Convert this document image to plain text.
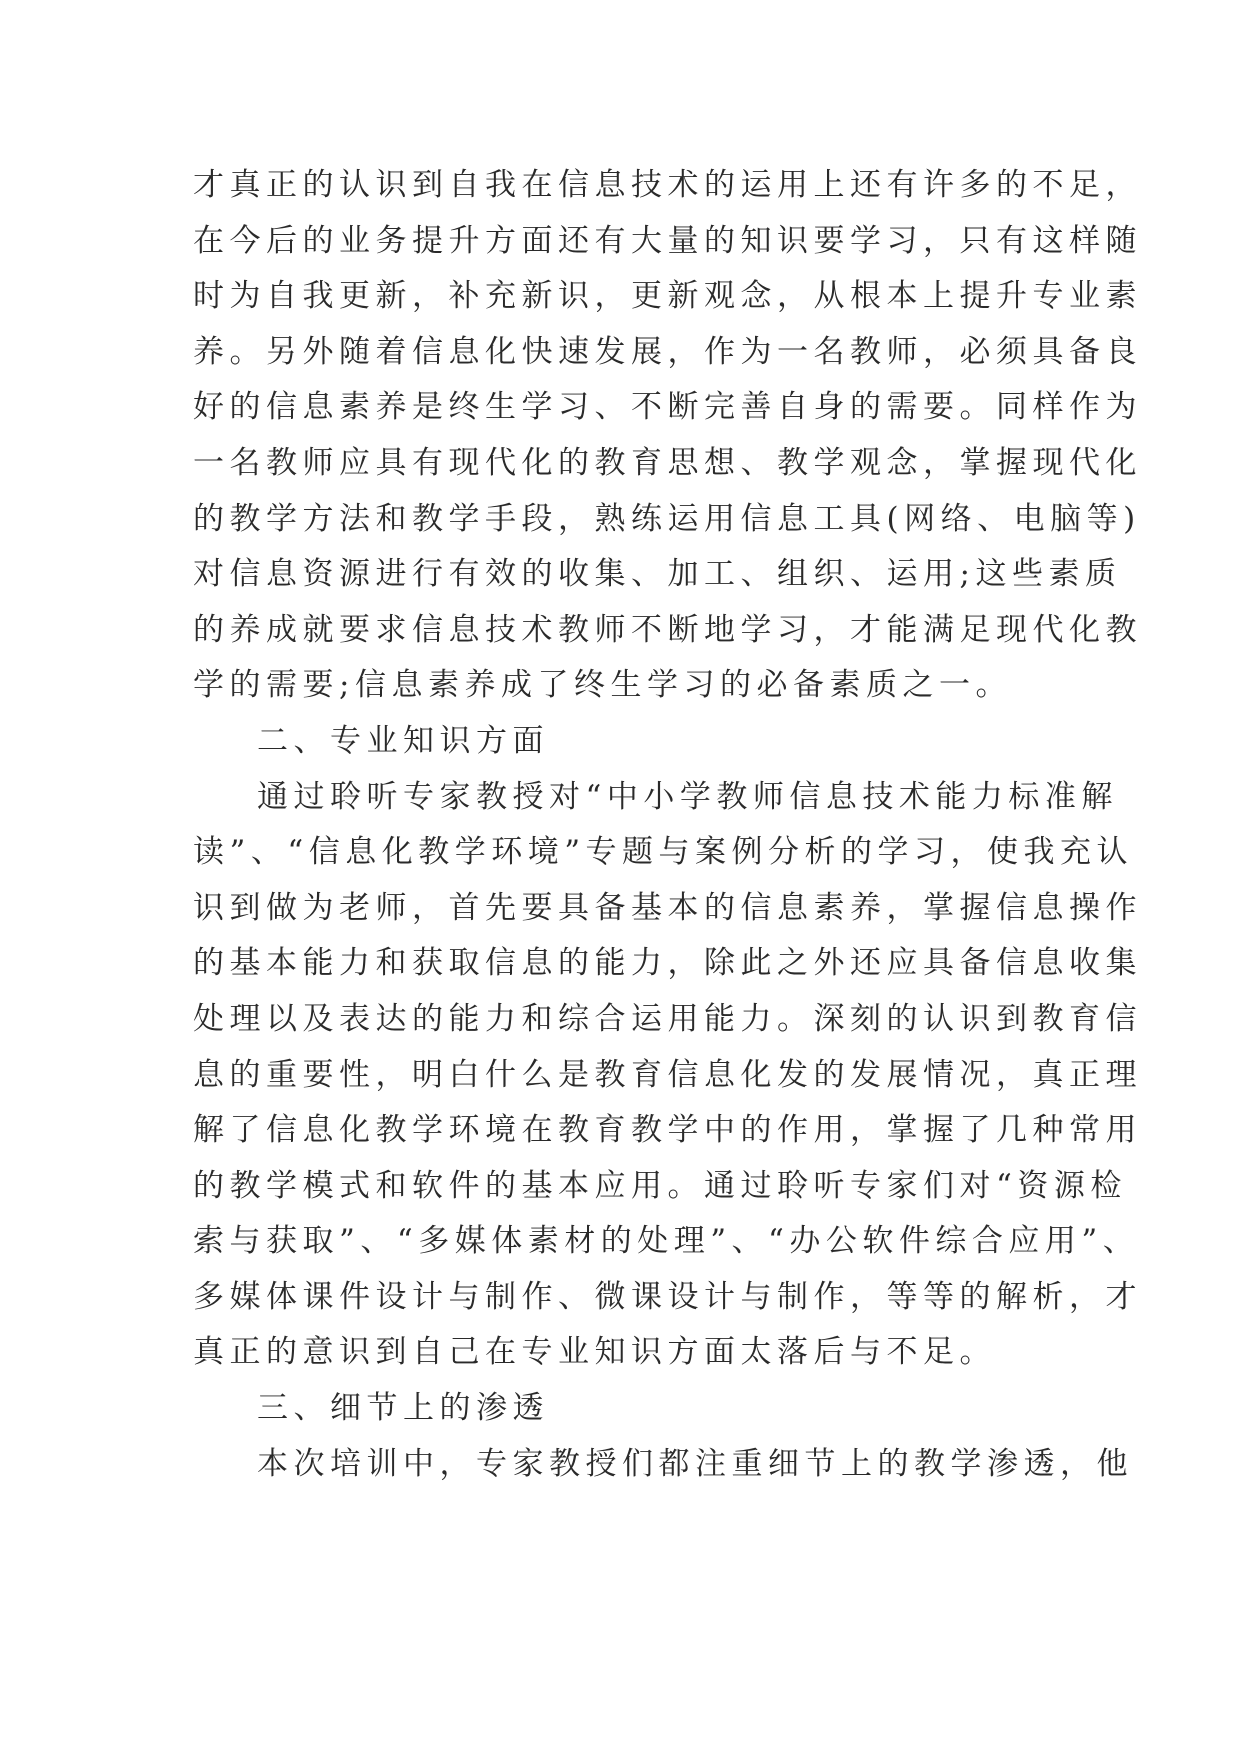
才真正的认识到自我在信息技术的运用上还有许多的不足，
在今后的业务提升方面还有大量的知识要学习，只有这样随
时为自我更新，补充新识，更新观念，从根本上提升专业素
养。另外随着信息化快速发展，作为一名教师，必须具备良
好的信息素养是终生学习、不断完善自身的需要。同样作为
一名教师应具有现代化的教育思想、教学观念，掌握现代化
的教学方法和教学手段，熟练运用信息工具(网络、电脑等)
对信息资源进行有效的收集、加工、组织、运用;这些素质
的养成就要求信息技术教师不断地学习，才能满足现代化教
学的需要;信息素养成了终生学习的必备素质之一。
二、专业知识方面
通过聆听专家教授对“中小学教师信息技术能力标准解
读”、“信息化教学环境”专题与案例分析的学习，使我充认
识到做为老师，首先要具备基本的信息素养，掌握信息操作
的基本能力和获取信息的能力，除此之外还应具备信息收集
处理以及表达的能力和综合运用能力。深刻的认识到教育信
息的重要性，明白什么是教育信息化发的发展情况，真正理
解了信息化教学环境在教育教学中的作用，掌握了几种常用
的教学模式和软件的基本应用。通过聆听专家们对“资源检
索与获取”、“多媒体素材的处理”、“办公软件综合应用”、
多媒体课件设计与制作、微课设计与制作，等等的解析，才
真正的意识到自己在专业知识方面太落后与不足。
三、细节上的渗透
本次培训中，专家教授们都注重细节上的教学渗透，他
